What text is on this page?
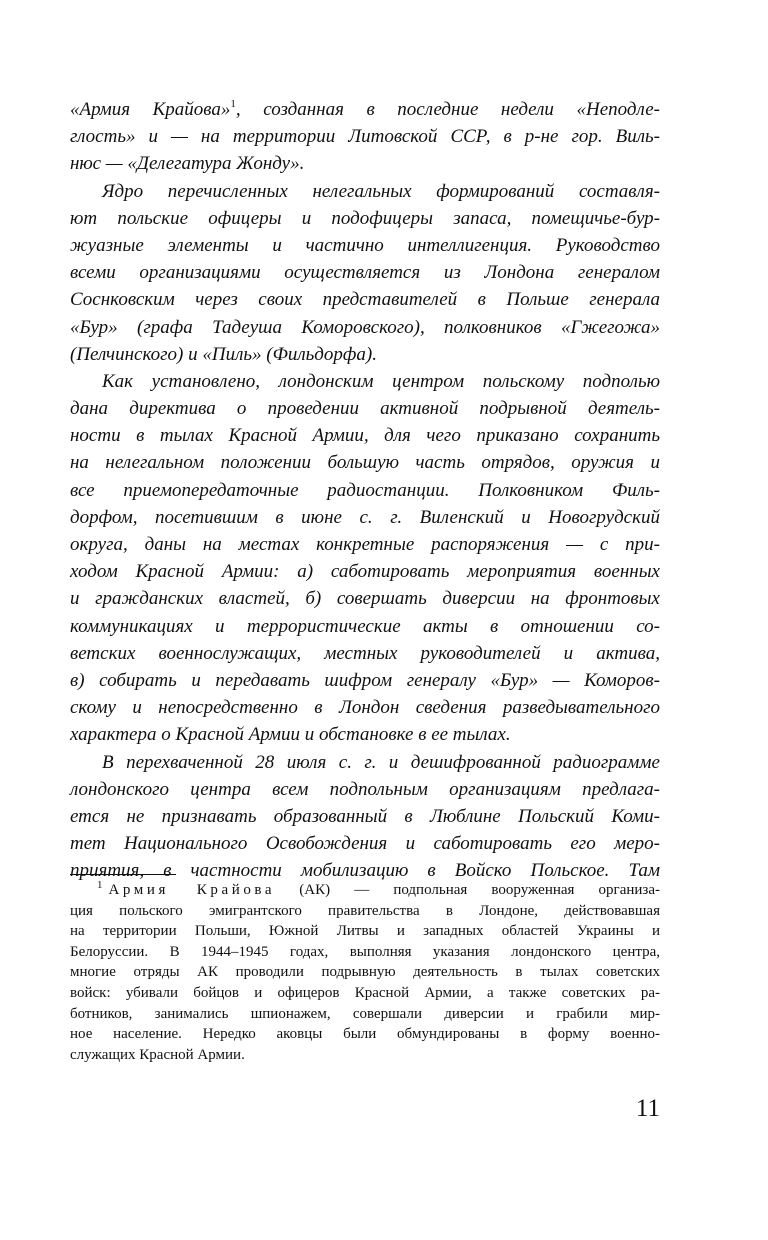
«Армия Крайова»$^1$, созданная в последние недели «Неподле-
глость» и — на территории Литовской ССР, в р-не гор. Виль-
нюс — «Делегатура Жонду».
Ядро перечисленных нелегальных формирований составля-
ют польские офицеры и подофицеры запаса, помещичье-бур-
жуазные элементы и частично интеллигенция. Руководство
всеми организациями осуществляется из Лондона генералом
Соснковским через своих представителей в Польше генерала
«Бур» (графа Тадеуша Коморовского), полковников «Гжегожа»
(Пелчинского) и «Пиль» (Фильдорфа).
Как установлено, лондонским центром польскому подполью
дана директива о проведении активной подрывной деятель-
ности в тылах Красной Армии, для чего приказано сохранить
на нелегальном положении большую часть отрядов, оружия и
все приемопередаточные радиостанции. Полковником Филь-
дорфом, посетившим в июне с. г. Виленский и Новогрудский
округа, даны на местах конкретные распоряжения — с при-
ходом Красной Армии: а) саботировать мероприятия военных
и гражданских властей, б) совершать диверсии на фронтовых
коммуникациях и террористические акты в отношении со-
ветских военнослужащих, местных руководителей и актива,
в) собирать и передавать шифром генералу «Бур» — Коморов-
скому и непосредственно в Лондон сведения разведывательного
характера о Красной Армии и обстановке в ее тылах.
В перехваченной 28 июля с. г. и дешифрованной радиограмме
лондонского центра всем подпольным организациям предлага-
ется не признавать образованный в Люблине Польский Коми-
тет Национального Освобождения и саботировать его меро-
приятия, в частности мобилизацию в Войско Польское. Там
$^1$ Армия Крайова (АК) — подпольная вооруженная организа-
ция польского эмигрантского правительства в Лондоне, действовавшая
на территории Польши, Южной Литвы и западных областей Украины и
Белоруссии. В 1944–1945 годах, выполняя указания лондонского центра,
многие отряды АК проводили подрывную деятельность в тылах советских
войск: убивали бойцов и офицеров Красной Армии, а также советских ра-
ботников, занимались шпионажем, совершали диверсии и грабили мир-
ное население. Нередко аковцы были обмундированы в форму военно-
служащих Красной Армии.
11
